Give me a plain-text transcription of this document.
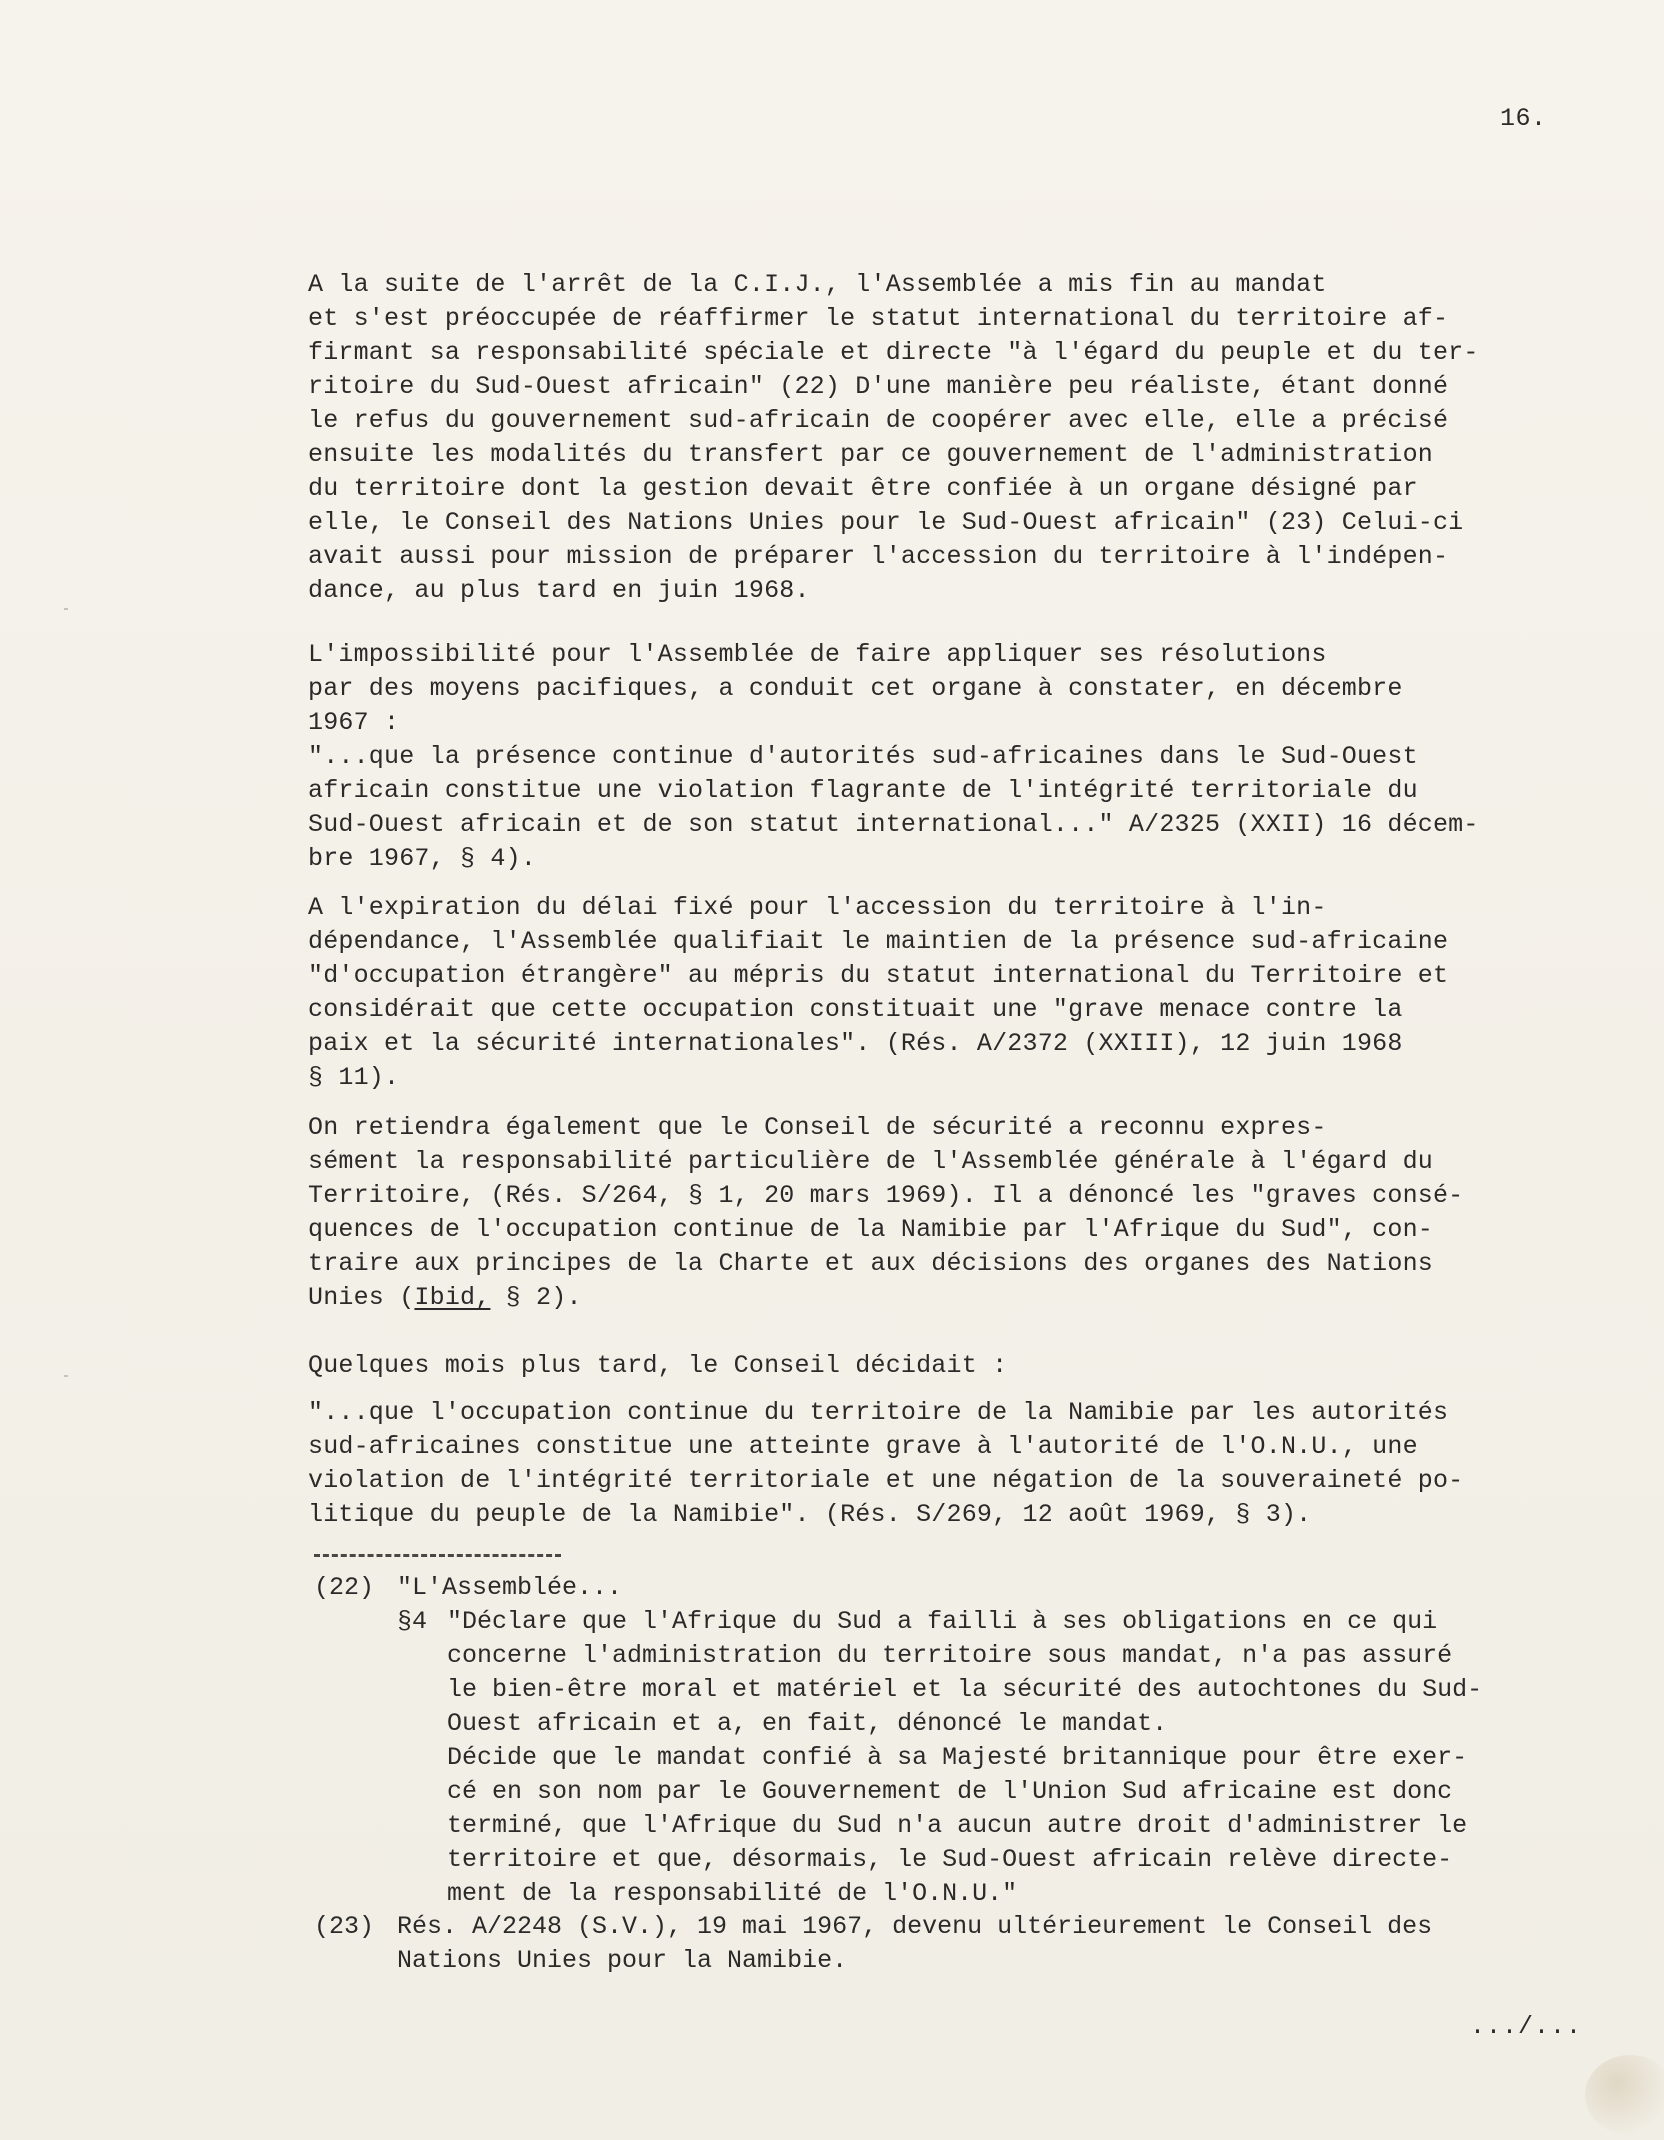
16.
A la suite de l'arrêt de la C.I.J., l'Assemblée a mis fin au mandat
et s'est préoccupée de réaffirmer le statut international du territoire af-
firmant sa responsabilité spéciale et directe "à l'égard du peuple et du ter-
ritoire du Sud-Ouest africain" (22) D'une manière peu réaliste, étant donné
le refus du gouvernement sud-africain de coopérer avec elle, elle a précisé
ensuite les modalités du transfert par ce gouvernement de l'administration
du territoire dont la gestion devait être confiée à un organe désigné par
elle, le Conseil des Nations Unies pour le Sud-Ouest africain" (23) Celui-ci
avait aussi pour mission de préparer l'accession du territoire à l'indépen-
dance, au plus tard en juin 1968.
L'impossibilité pour l'Assemblée de faire appliquer ses résolutions
par des moyens pacifiques, a conduit cet organe à constater, en décembre
1967 :
"...que la présence continue d'autorités sud-africaines dans le Sud-Ouest
africain constitue une violation flagrante de l'intégrité territoriale du
Sud-Ouest africain et de son statut international..." A/2325 (XXII) 16 décem-
bre 1967, § 4).
A l'expiration du délai fixé pour l'accession du territoire à l'in-
dépendance, l'Assemblée qualifiait le maintien de la présence sud-africaine
"d'occupation étrangère" au mépris du statut international du Territoire et
considérait que cette occupation constituait une "grave menace contre la
paix et la sécurité internationales". (Rés. A/2372 (XXIII), 12 juin 1968
§ 11).
On retiendra également que le Conseil de sécurité a reconnu expres-
sément la responsabilité particulière de l'Assemblée générale à l'égard du
Territoire, (Rés. S/264, § 1, 20 mars 1969). Il a dénoncé les "graves consé-
quences de l'occupation continue de la Namibie par l'Afrique du Sud", con-
traire aux principes de la Charte et aux décisions des organes des Nations
Unies (Ibid, § 2).
Quelques mois plus tard, le Conseil décidait :
"...que l'occupation continue du territoire de la Namibie par les autorités
sud-africaines constitue une atteinte grave à l'autorité de l'O.N.U., une
violation de l'intégrité territoriale et une négation de la souveraineté po-
litique du peuple de la Namibie". (Rés. S/269, 12 août 1969, § 3).
(22) "L'Assemblée...
§4 "Déclare que l'Afrique du Sud a failli à ses obligations en ce qui
concerne l'administration du territoire sous mandat, n'a pas assuré
le bien-être moral et matériel et la sécurité des autochtones du Sud-
Ouest africain et a, en fait, dénoncé le mandat.
Décide que le mandat confié à sa Majesté britannique pour être exer-
cé en son nom par le Gouvernement de l'Union Sud africaine est donc
terminé, que l'Afrique du Sud n'a aucun autre droit d'administrer le
territoire et que, désormais, le Sud-Ouest africain relève directe-
ment de la responsabilité de l'O.N.U."
(23) Rés. A/2248 (S.V.), 19 mai 1967, devenu ultérieurement le Conseil des
Nations Unies pour la Namibie.
.../...
